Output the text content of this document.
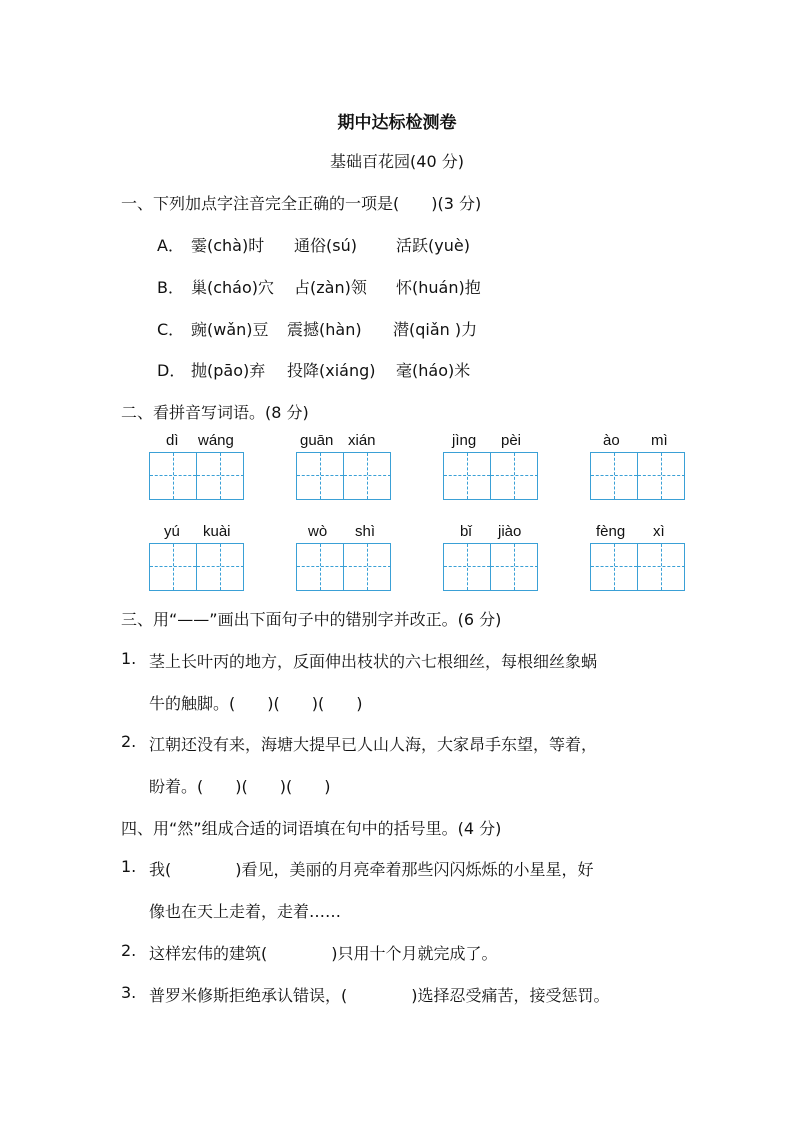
期中达标检测卷
基础百花园(40 分)
一、下列加点字注音完全正确的一项是(　　)(3 分)
A． 霎(chà)时 通俗(sú) 活跃(yuè)
B． 巢(cháo)穴 占(zàn)领 怀(huán)抱
C． 豌(wǎn)豆 震撼(hàn) 潜(qiǎn )力
D． 抛(pāo)弃 投降(xiáng) 毫(háo)米
二、看拼音写词语。(8 分)
dì wáng	guān xián	jìng pèi	ào mì
yú kuài	wò shì	bǐ jiào	fèng xì
三、用“——”画出下面句子中的错别字并改正。(6 分)
1. 茎上长叶丙的地方，反面伸出枝状的六七根细丝，每根细丝象蜗
牛的触脚。(　　)(　　)(　　)
2. 江朝还没有来，海塘大提早已人山人海，大家昂手东望，等着，
盼着。(　　)(　　)(　　)
四、用“然”组成合适的词语填在句中的括号里。(4 分)
1. 我(　　　　)看见，美丽的月亮牵着那些闪闪烁烁的小星星，好
像也在天上走着，走着……
2. 这样宏伟的建筑(　　　　)只用十个月就完成了。
3. 普罗米修斯拒绝承认错误，(　　　　)选择忍受痛苦，接受惩罚。
